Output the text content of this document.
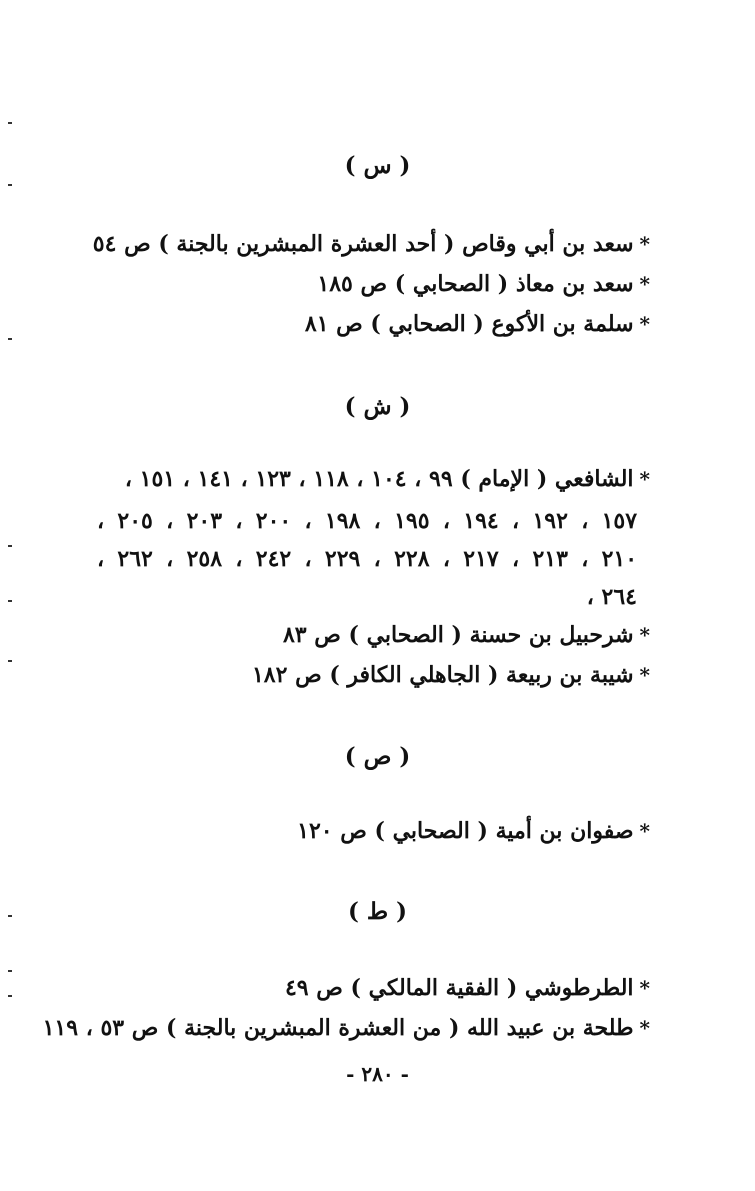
( س )
*سعد بن أبي وقاص ( أحد العشرة المبشرين بالجنة ) ص ٥٤
*سعد بن معاذ ( الصحابي ) ص ١٨٥
*سلمة بن الأكوع ( الصحابي ) ص ٨١
( ش )
*الشافعي ( الإمام ) ٩٩ ، ١٠٤ ، ١١٨ ، ١٢٣ ، ١٤١ ، ١٥١ ،
١٥٧ ، ١٩٢ ، ١٩٤ ، ١٩٥ ، ١٩٨ ، ٢٠٠ ، ٢٠٣ ، ٢٠٥ ،
٢١٠ ، ٢١٣ ، ٢١٧ ، ٢٢٨ ، ٢٢٩ ، ٢٤٢ ، ٢٥٨ ، ٢٦٢ ،
٢٦٤ ،
*شرحبيل بن حسنة ( الصحابي ) ص ٨٣
*شيبة بن ربيعة ( الجاهلي الكافر ) ص ١٨٢
( ص )
*صفوان بن أمية ( الصحابي ) ص ١٢٠
( ط )
*الطرطوشي ( الفقية المالكي ) ص ٤٩
*طلحة بن عبيد الله ( من العشرة المبشرين بالجنة ) ص ٥٣ ، ١١٩
- ٢٨٠ -
